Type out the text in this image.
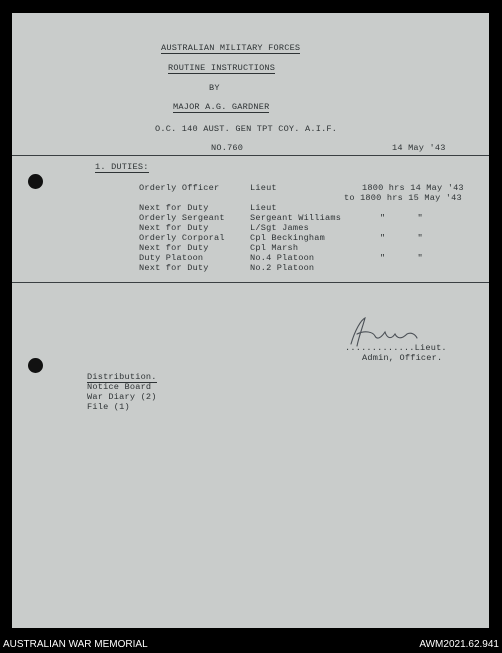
AUSTRALIAN MILITARY FORCES
ROUTINE INSTRUCTIONS
BY
MAJOR A.G. GARDNER
O.C. 140 AUST. GEN TPT COY. A.I.F.
NO.760	14 May '43
1. DUTIES:
Orderly Officer	Lieut	1800 hrs 14 May '43
to 1800 hrs 15 May '43
Next for Duty	Lieut
Orderly Sergeant	Sergeant Williams	"      "
Next for Duty	L/Sgt James
Orderly Corporal	Cpl Beckingham	"      "
Next for Duty	Cpl Marsh
Duty Platoon	No.4 Platoon	"      "
Next for Duty	No.2 Platoon
.............Lieut.
Admin, Officer.
Distribution.
Notice Board
War Diary (2)
File (1)
AUSTRALIAN WAR MEMORIAL	AWM2021.62.941
